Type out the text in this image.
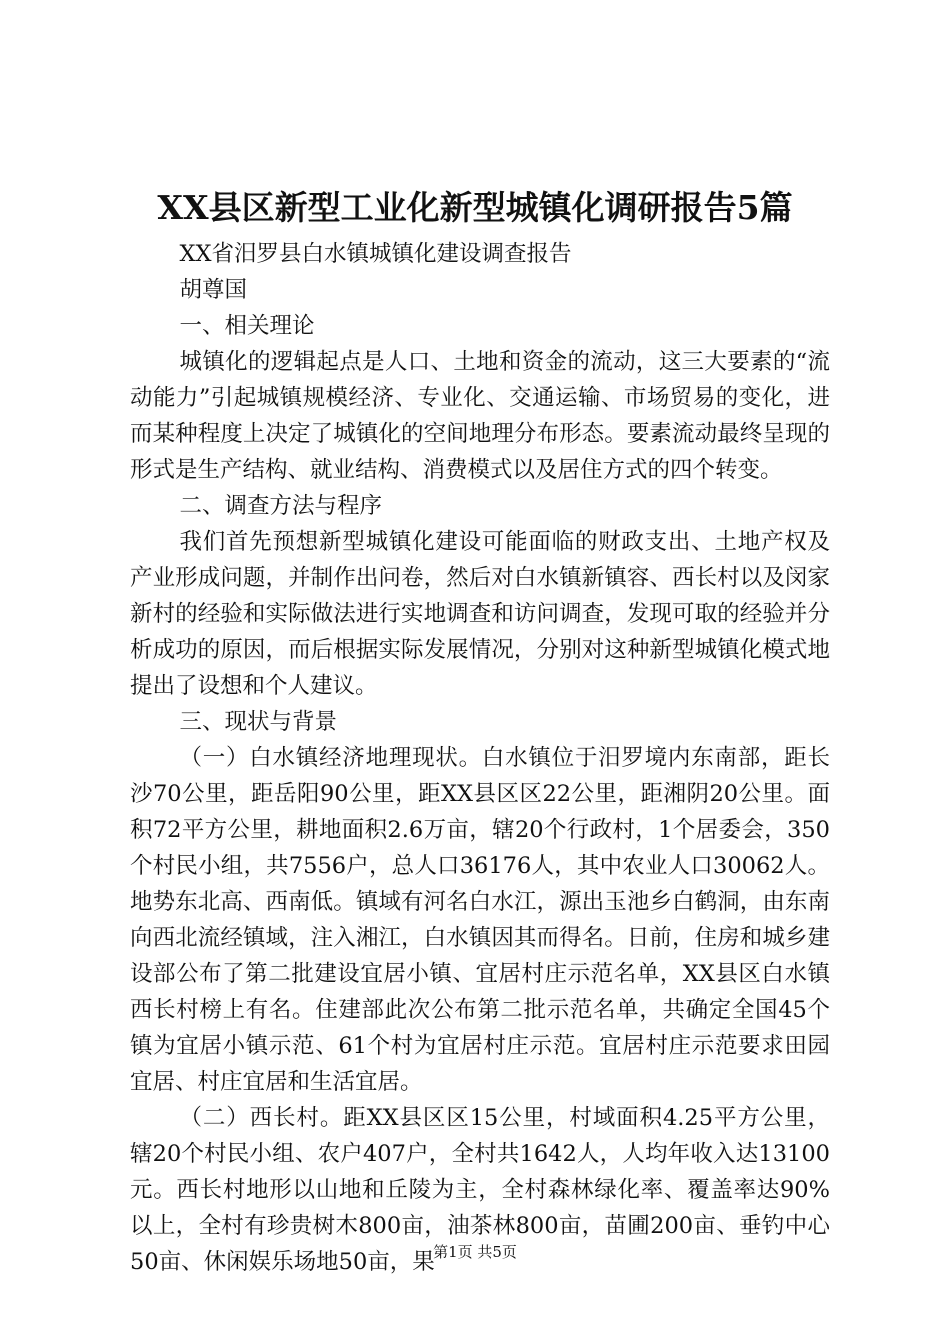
XX县区新型工业化新型城镇化调研报告5篇

XX省汨罗县白水镇城镇化建设调查报告

胡尊国

一、相关理论

城镇化的逻辑起点是人口、土地和资金的流动，这三大要素的“流动能力”引起城镇规模经济、专业化、交通运输、市场贸易的变化，进而某种程度上决定了城镇化的空间地理分布形态。要素流动最终呈现的形式是生产结构、就业结构、消费模式以及居住方式的四个转变。

二、调查方法与程序

我们首先预想新型城镇化建设可能面临的财政支出、土地产权及产业形成问题，并制作出问卷，然后对白水镇新镇容、西长村以及闵家新村的经验和实际做法进行实地调查和访问调查，发现可取的经验并分析成功的原因，而后根据实际发展情况，分别对这种新型城镇化模式地提出了设想和个人建议。

三、现状与背景

（一）白水镇经济地理现状。白水镇位于汨罗境内东南部，距长沙70公里，距岳阳90公里，距XX县区区22公里，距湘阴20公里。面积72平方公里，耕地面积2.6万亩，辖20个行政村，1个居委会，350个村民小组，共7556户，总人口36176人，其中农业人口30062人。地势东北高、西南低。镇域有河名白水江，源出玉池乡白鹤洞，由东南向西北流经镇域，注入湘江，白水镇因其而得名。日前，住房和城乡建设部公布了第二批建设宜居小镇、宜居村庄示范名单，XX县区白水镇西长村榜上有名。住建部此次公布第二批示范名单，共确定全国45个镇为宜居小镇示范、61个村为宜居村庄示范。宜居村庄示范要求田园宜居、村庄宜居和生活宜居。

（二）西长村。距XX县区区15公里，村域面积4.25平方公里，辖20个村民小组、农户407户，全村共1642人，人均年收入达13100元。西长村地形以山地和丘陵为主，全村森林绿化率、覆盖率达90%以上，全村有珍贵树木800亩，油茶林800亩，苗圃200亩、垂钓中心50亩、休闲娱乐场地50亩，果

第1页 共5页
